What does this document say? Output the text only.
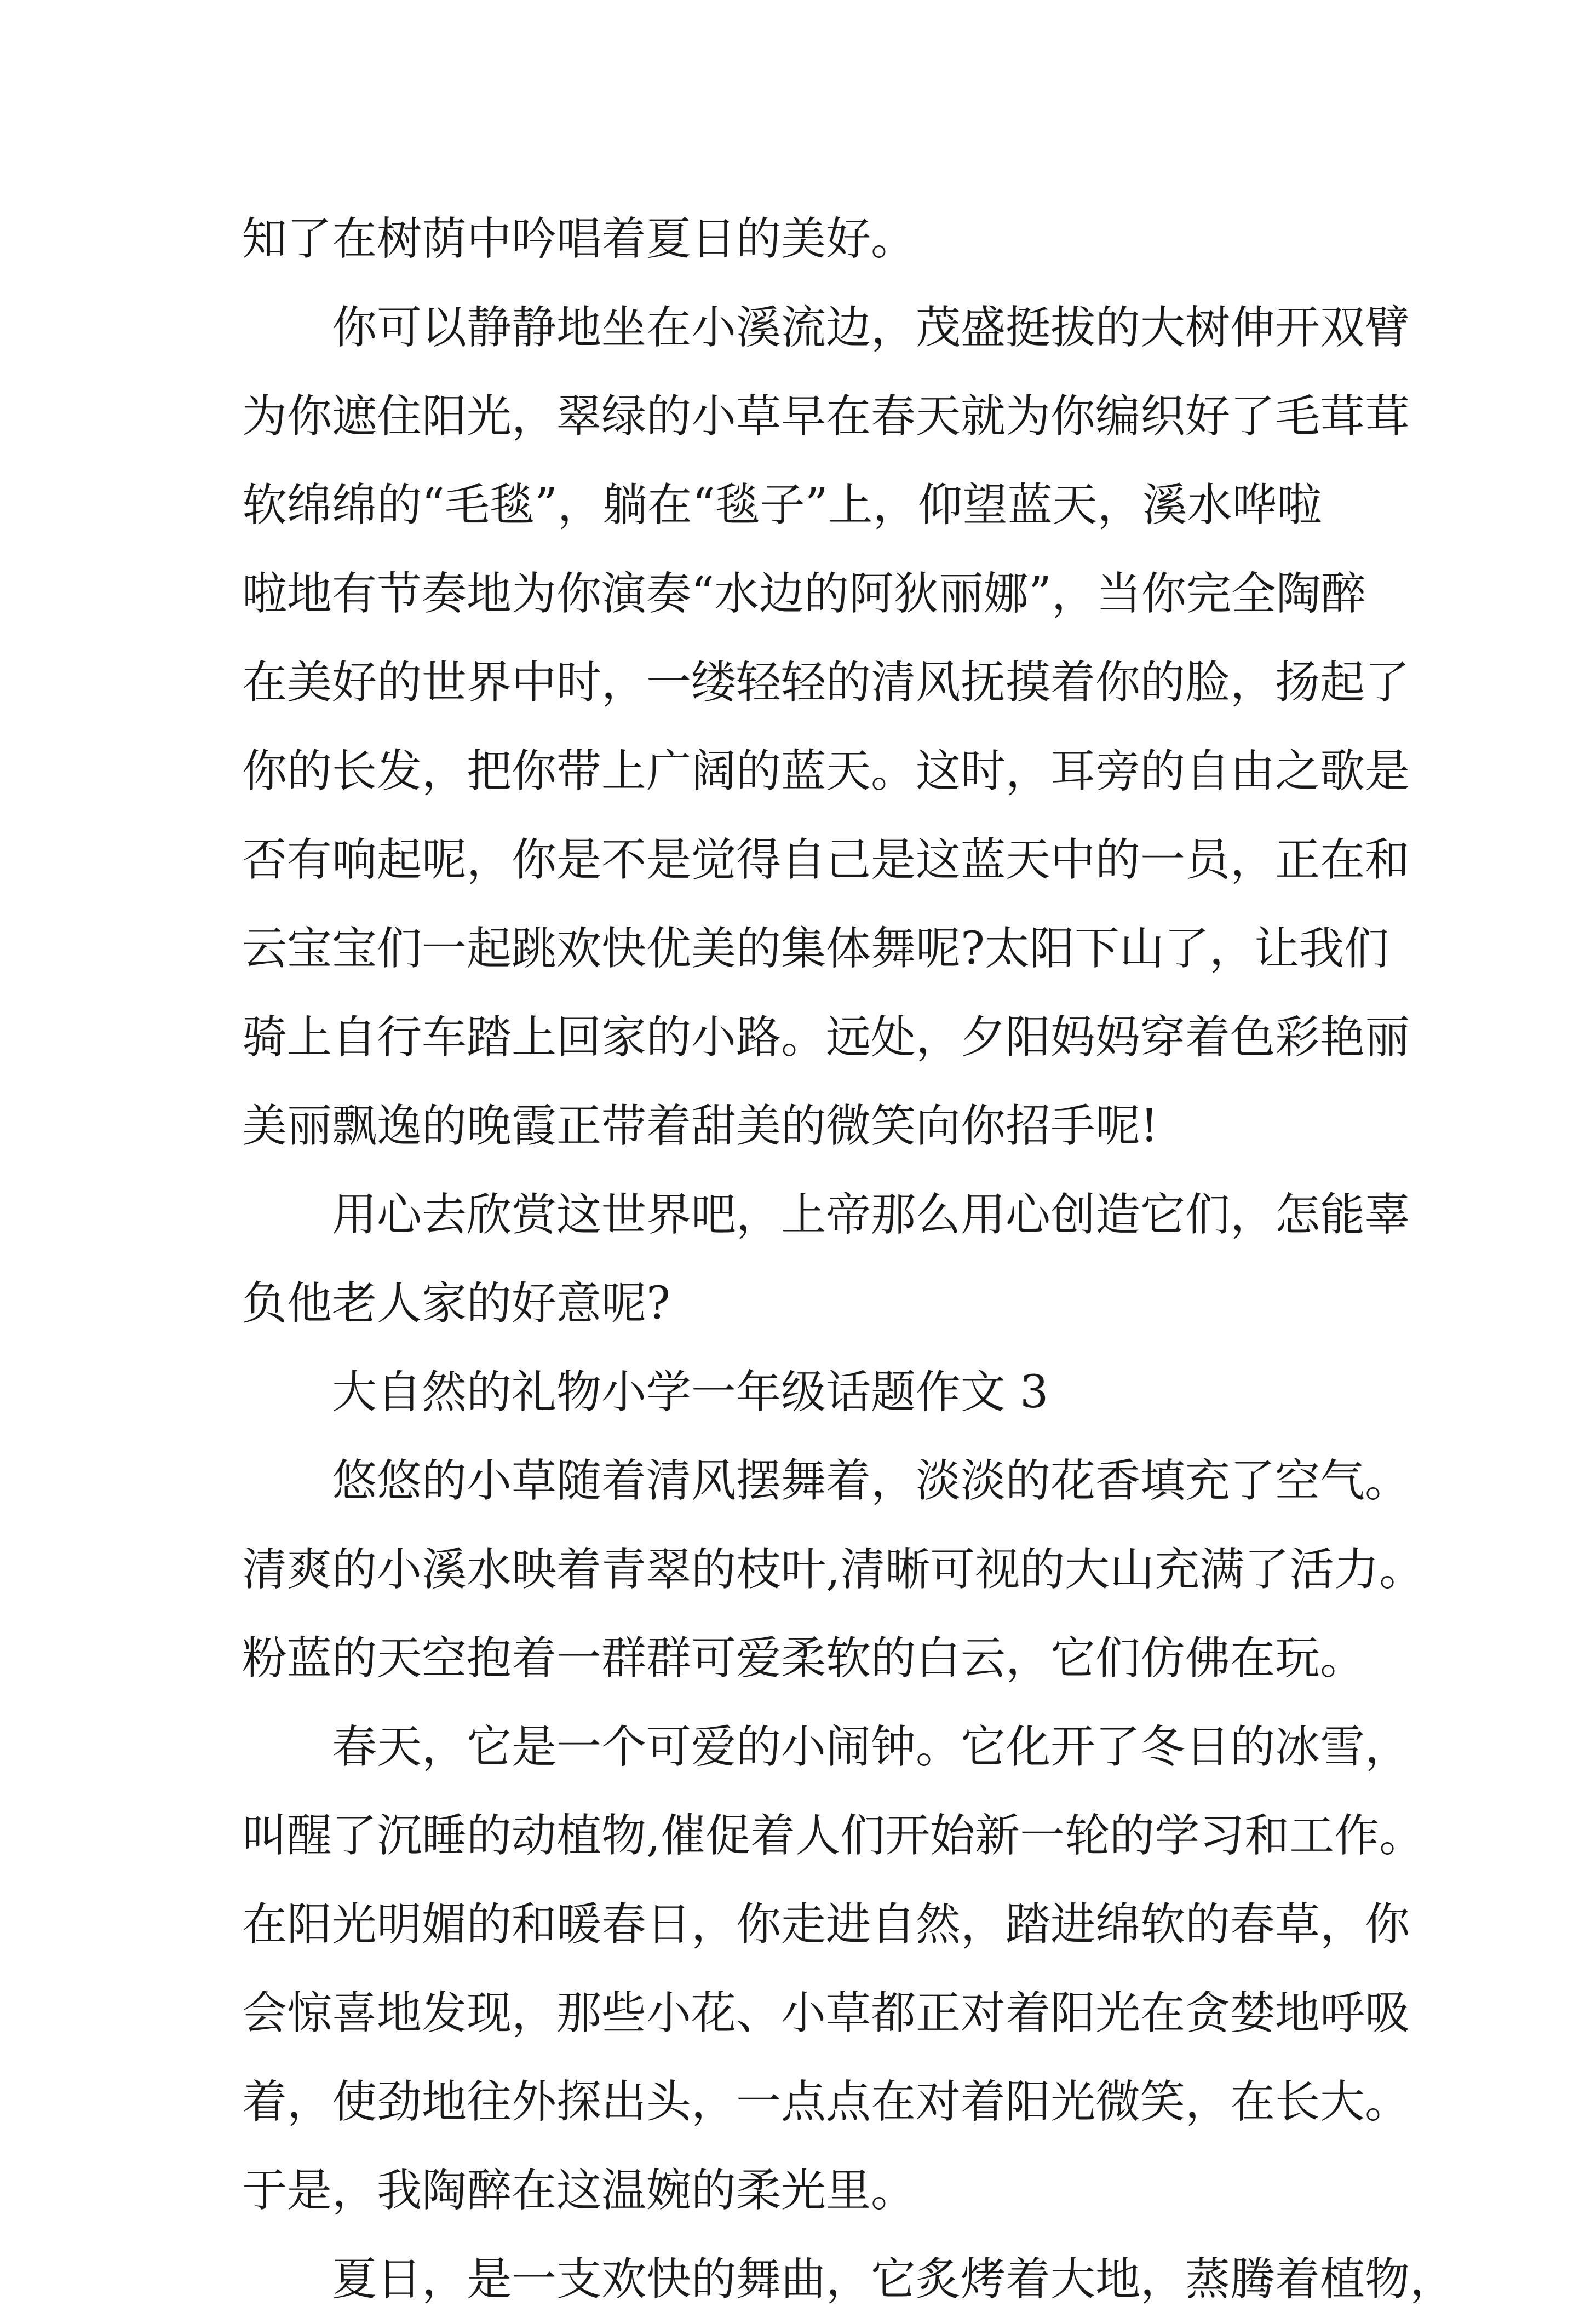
知了在树荫中吟唱着夏日的美好。
你可以静静地坐在小溪流边，茂盛挺拔的大树伸开双臂
为你遮住阳光，翠绿的小草早在春天就为你编织好了毛茸茸
软绵绵的“毛毯”，躺在“毯子”上，仰望蓝天，溪水哗啦
啦地有节奏地为你演奏“水边的阿狄丽娜”，当你完全陶醉
在美好的世界中时，一缕轻轻的清风抚摸着你的脸，扬起了
你的长发，把你带上广阔的蓝天。这时，耳旁的自由之歌是
否有响起呢，你是不是觉得自己是这蓝天中的一员，正在和
云宝宝们一起跳欢快优美的集体舞呢?太阳下山了，让我们
骑上自行车踏上回家的小路。远处，夕阳妈妈穿着色彩艳丽
美丽飘逸的晚霞正带着甜美的微笑向你招手呢!
用心去欣赏这世界吧，上帝那么用心创造它们，怎能辜
负他老人家的好意呢?
大自然的礼物小学一年级话题作文 3
悠悠的小草随着清风摆舞着，淡淡的花香填充了空气。
清爽的小溪水映着青翠的枝叶,清晰可视的大山充满了活力。
粉蓝的天空抱着一群群可爱柔软的白云，它们仿佛在玩。
春天，它是一个可爱的小闹钟。它化开了冬日的冰雪，
叫醒了沉睡的动植物,催促着人们开始新一轮的学习和工作。
在阳光明媚的和暖春日，你走进自然，踏进绵软的春草，你
会惊喜地发现，那些小花、小草都正对着阳光在贪婪地呼吸
着，使劲地往外探出头，一点点在对着阳光微笑，在长大。
于是，我陶醉在这温婉的柔光里。
夏日，是一支欢快的舞曲，它炙烤着大地，蒸腾着植物，
